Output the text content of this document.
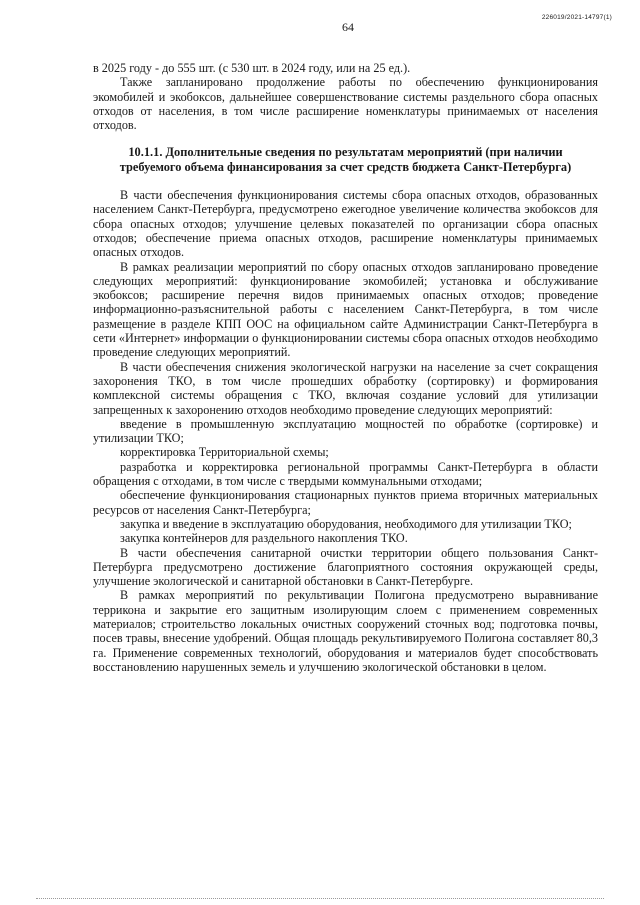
64
226019/2021-14797(1)

в 2025 году - до 555 шт. (с 530 шт. в 2024 году, или на 25 ед.).

Также запланировано продолжение работы по обеспечению функционирования экомобилей и экобоксов, дальнейшее совершенствование системы раздельного сбора опасных отходов от населения, в том числе расширение номенклатуры принимаемых от населения отходов.

10.1.1. Дополнительные сведения по результатам мероприятий (при наличии требуемого объема финансирования за счет средств бюджета Санкт-Петербурга)

В части обеспечения функционирования системы сбора опасных отходов, образованных населением Санкт-Петербурга, предусмотрено ежегодное увеличение количества экобоксов для сбора опасных отходов; улучшение целевых показателей по организации сбора опасных отходов; обеспечение приема опасных отходов, расширение номенклатуры принимаемых опасных отходов.

В рамках реализации мероприятий по сбору опасных отходов запланировано проведение следующих мероприятий: функционирование экомобилей; установка и обслуживание экобоксов; расширение перечня видов принимаемых опасных отходов; проведение информационно-разъяснительной работы с населением Санкт-Петербурга, в том числе размещение в разделе КПП ООС на официальном сайте Администрации Санкт-Петербурга в сети «Интернет» информации о функционировании системы сбора опасных отходов необходимо проведение следующих мероприятий.

В части обеспечения снижения экологической нагрузки на население за счет сокращения захоронения ТКО, в том числе прошедших обработку (сортировку) и формирования комплексной системы обращения с ТКО, включая создание условий для утилизации запрещенных к захоронению отходов необходимо проведение следующих мероприятий:

введение в промышленную эксплуатацию мощностей по обработке (сортировке) и утилизации ТКО;

корректировка Территориальной схемы;

разработка и корректировка региональной программы Санкт-Петербурга в области обращения с отходами, в том числе с твердыми коммунальными отходами;

обеспечение функционирования стационарных пунктов приема вторичных материальных ресурсов от населения Санкт-Петербурга;

закупка и введение в эксплуатацию оборудования, необходимого для утилизации ТКО;

закупка контейнеров для раздельного накопления ТКО.

В части обеспечения санитарной очистки территории общего пользования Санкт-Петербурга предусмотрено достижение благоприятного состояния окружающей среды, улучшение экологической и санитарной обстановки в Санкт-Петербурге.

В рамках мероприятий по рекультивации Полигона предусмотрено выравнивание терриконa и закрытие его защитным изолирующим слоем с применением современных материалов; строительство локальных очистных сооружений сточных вод; подготовка почвы, посев травы, внесение удобрений. Общая площадь рекультивируемого Полигона составляет 80,3 га. Применение современных технологий, оборудования и материалов будет способствовать восстановлению нарушенных земель и улучшению экологической обстановки в целом.
